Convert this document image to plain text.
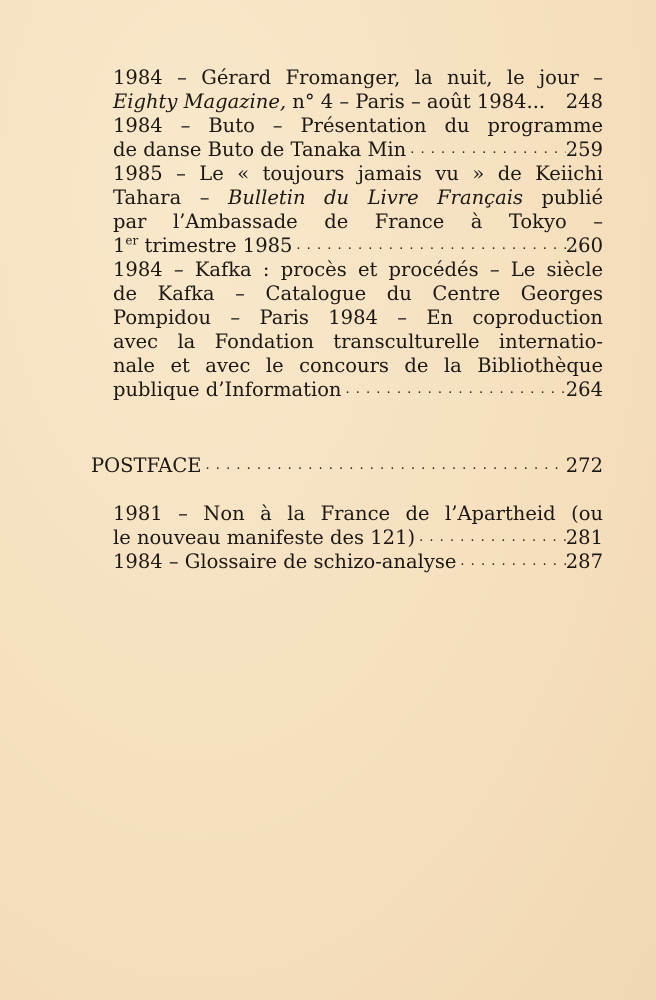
1984 – Gérard Fromanger, la nuit, le jour –
Eighty Magazine, n° 4 – Paris – août 1984... 248
1984 – Buto – Présentation du programme
de danse Buto de Tanaka Min . . .	259
1985 – Le « toujours jamais vu » de Keiichi
Tahara – Bulletin du Livre Français publié
par l’Ambassade de France à Tokyo –
1er trimestre 1985 . . .	260
1984 – Kafka : procès et procédés – Le siècle
de Kafka – Catalogue du Centre Georges
Pompidou – Paris 1984 – En coproduction
avec la Fondation transculturelle internatio-
nale et avec le concours de la Bibliothèque
publique d’Information . . .	264
POSTFACE . . .	272
1981 – Non à la France de l’Apartheid (ou
le nouveau manifeste des 121) . . .	281
1984 – Glossaire de schizo-analyse . . .	287
